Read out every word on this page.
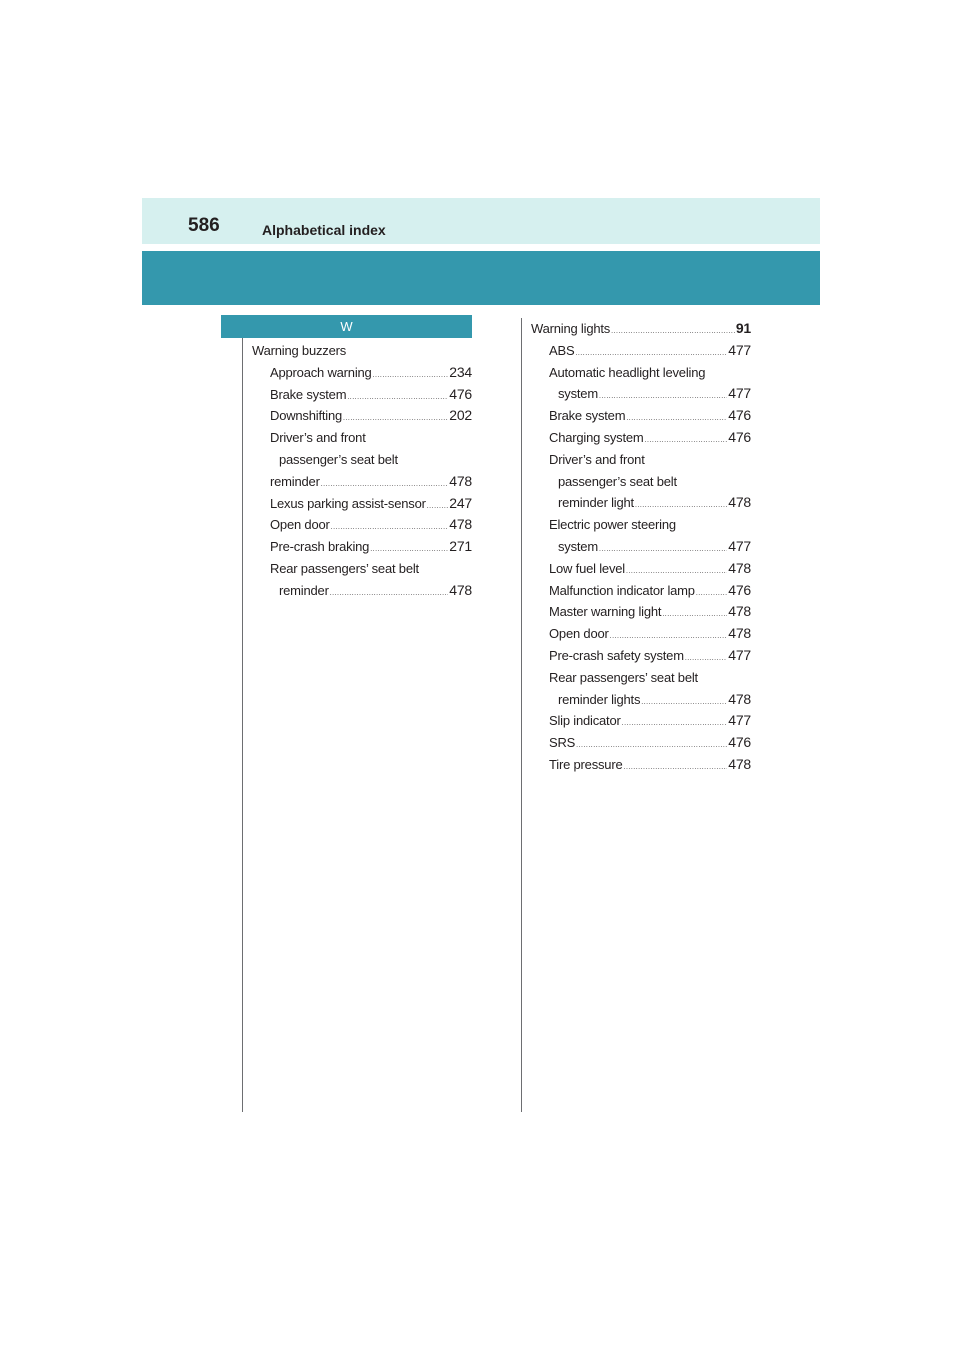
586	Alphabetical index
W
Warning buzzers
Approach warning .....	234
Brake system .....	476
Downshifting .....	202
Driver’s and front
passenger’s seat belt
reminder .....	478
Lexus parking assist-sensor ..... 247
Open door .....	478
Pre-crash braking .....	271
Rear passengers’ seat belt
reminder .....	478
Warning lights .....	91
ABS .....	477
Automatic headlight leveling
system .....	477
Brake system .....	476
Charging system .....	476
Driver’s and front
passenger’s seat belt
reminder light .....	478
Electric power steering
system .....	477
Low fuel level .....	478
Malfunction indicator lamp ..... 476
Master warning light .....	478
Open door .....	478
Pre-crash safety system .....	477
Rear passengers’ seat belt
reminder lights .....	478
Slip indicator .....	477
SRS .....	476
Tire pressure .....	478
